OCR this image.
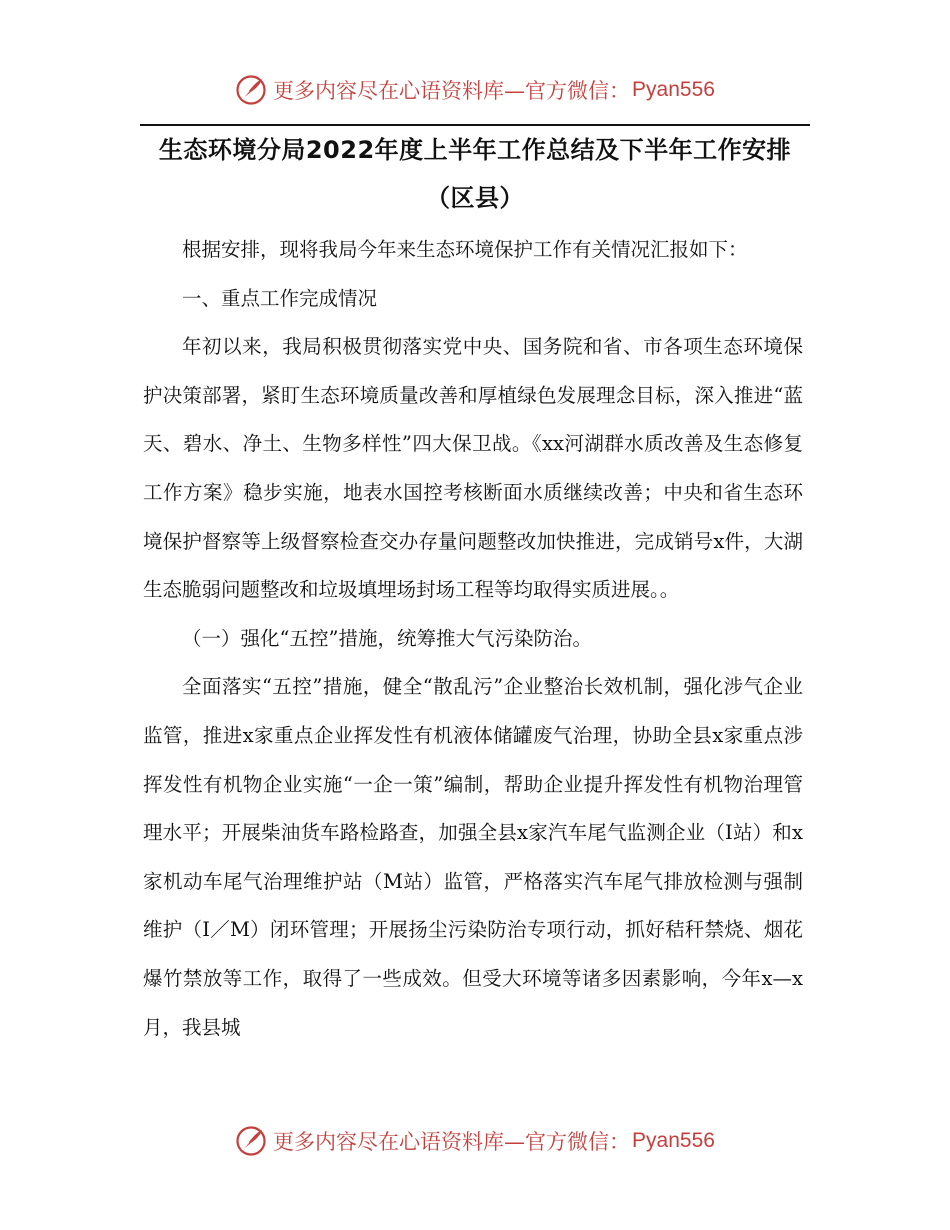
更多内容尽在心语资料库—官方微信： Pyan556
生态环境分局2022年度上半年工作总结及下半年工作安排
（区县）

根据安排，现将我局今年来生态环境保护工作有关情况汇报如下：

一、重点工作完成情况

年初以来，我局积极贯彻落实党中央、国务院和省、市各项生态环境保护决策部署，紧盯生态环境质量改善和厚植绿色发展理念目标，深入推进“蓝天、碧水、净土、生物多样性”四大保卫战。《xx河湖群水质改善及生态修复工作方案》稳步实施，地表水国控考核断面水质继续改善；中央和省生态环境保护督察等上级督察检查交办存量问题整改加快推进，完成销号x件，大湖生态脆弱问题整改和垃圾填埋场封场工程等均取得实质进展。。

（一）强化“五控”措施，统筹推大气污染防治。

全面落实“五控”措施，健全“散乱污”企业整治长效机制，强化涉气企业监管，推进x家重点企业挥发性有机液体储罐废气治理，协助全县x家重点涉挥发性有机物企业实施“一企一策”编制，帮助企业提升挥发性有机物治理管理水平；开展柴油货车路检路查，加强全县x家汽车尾气监测企业（I站）和x家机动车尾气治理维护站（M站）监管，严格落实汽车尾气排放检测与强制维护（I／M）闭环管理；开展扬尘污染防治专项行动，抓好秸秆禁烧、烟花爆竹禁放等工作，取得了一些成效。但受大环境等诸多因素影响，今年x—x月，我县城

更多内容尽在心语资料库—官方微信： Pyan556
